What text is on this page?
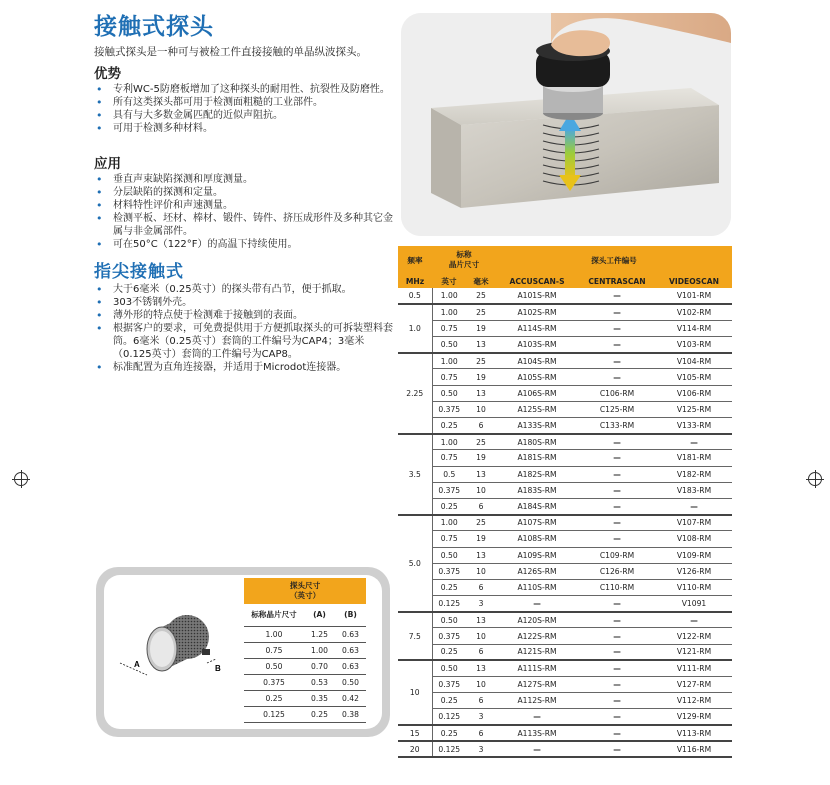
接触式探头
接触式探头是一种可与被检工件直接接触的单晶纵波探头。
优势
• 专利WC-5防磨板增加了这种探头的耐用性、抗裂性及防磨性。
• 所有这类探头都可用于检测面粗糙的工业部件。
• 具有与大多数金属匹配的近似声阻抗。
• 可用于检测多种材料。
应用
• 垂直声束缺陷探测和厚度测量。
• 分层缺陷的探测和定量。
• 材料特性评价和声速测量。
• 检测平板、坯材、棒材、锻件、铸件、挤压成形件及多种其它金属与非金属部件。
• 可在50°C（122°F）的高温下持续使用。
指尖接触式
• 大于6毫米（0.25英寸）的探头带有凸节，便于抓取。
• 303不锈钢外壳。
• 薄外形的特点使于检测难于接触到的表面。
• 根据客户的要求，可免费提供用于方便抓取探头的可拆装塑料套筒。6毫米（0.25英寸）套筒的工件编号为CAP4；3毫米（0.125英寸）套筒的工件编号为CAP8。
• 标准配置为直角连接器，并适用于Microdot连接器。
频率	标称
晶片尺寸		探头工件编号		
MHz	英寸	毫米	ACCUSCAN-S	CENTRASCAN	VIDEOSCAN
0.5	1.00	25	A101S-RM	—	V101-RM
1.0	1.00	25	A102S-RM	—	V102-RM
	0.75	19	A114S-RM	—	V114-RM
	0.50	13	A103S-RM	—	V103-RM
2.25	1.00	25	A104S-RM	—	V104-RM
	0.75	19	A105S-RM	—	V105-RM
	0.50	13	A106S-RM	C106-RM	V106-RM
	0.375	10	A125S-RM	C125-RM	V125-RM
	0.25	6	A133S-RM	C133-RM	V133-RM
3.5	1.00	25	A180S-RM	—	—
	0.75	19	A181S-RM	—	V181-RM
	0.5	13	A182S-RM	—	V182-RM
	0.375	10	A183S-RM	—	V183-RM
	0.25	6	A184S-RM	—	—
5.0	1.00	25	A107S-RM	—	V107-RM
	0.75	19	A108S-RM	—	V108-RM
	0.50	13	A109S-RM	C109-RM	V109-RM
	0.375	10	A126S-RM	C126-RM	V126-RM
	0.25	6	A110S-RM	C110-RM	V110-RM
	0.125	3	—	—	V1091
7.5	0.50	13	A120S-RM	—	—
	0.375	10	A122S-RM	—	V122-RM
	0.25	6	A121S-RM	—	V121-RM
10	0.50	13	A111S-RM	—	V111-RM
	0.375	10	A127S-RM	—	V127-RM
	0.25	6	A112S-RM	—	V112-RM
	0.125	3	—	—	V129-RM
15	0.25	6	A113S-RM	—	V113-RM
20	0.125	3	—	—	V116-RM
A	B
探头尺寸
（英寸）		
标称晶片尺寸	(A)	(B)
1.00	1.25	0.63
0.75	1.00	0.63
0.50	0.70	0.63
0.375	0.53	0.50
0.25	0.35	0.42
0.125	0.25	0.38
